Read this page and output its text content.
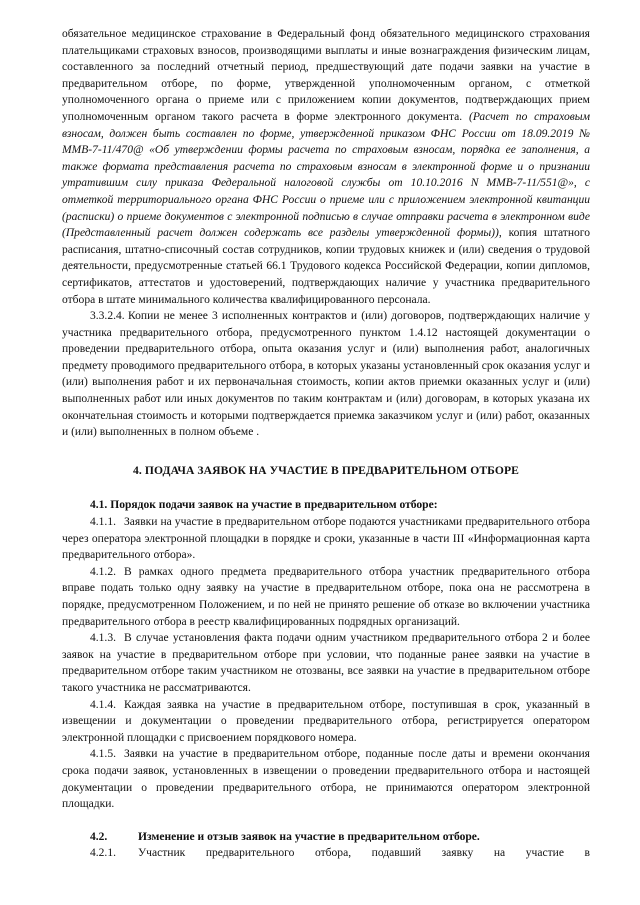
обязательное медицинское страхование в Федеральный фонд обязательного медицинского страхования плательщиками страховых взносов, производящими выплаты и иные вознаграждения физическим лицам, составленного за последний отчетный период, предшествующий дате подачи заявки на участие в предварительном отборе, по форме, утвержденной уполномоченным органом, с отметкой уполномоченного органа о приеме или с приложением копии документов, подтверждающих прием уполномоченным органом такого расчета в форме электронного документа. (Расчет по страховым взносам, должен быть составлен по форме, утвержденной приказом ФНС России от 18.09.2019 № ММВ-7-11/470@ «Об утверждении формы расчета по страховым взносам, порядка ее заполнения, а также формата представления расчета по страховым взносам в электронной форме и о признании утратившим силу приказа Федеральной налоговой службы от 10.10.2016 N ММВ-7-11/551@», с отметкой территориального органа ФНС России о приеме или с приложением электронной квитанции (расписки) о приеме документов с электронной подписью в случае отправки расчета в электронном виде (Представленный расчет должен содержать все разделы утвержденной формы)), копия штатного расписания, штатно-списочный состав сотрудников, копии трудовых книжек и (или) сведения о трудовой деятельности, предусмотренные статьей 66.1 Трудового кодекса Российской Федерации, копии дипломов, сертификатов, аттестатов и удостоверений, подтверждающих наличие у участника предварительного отбора в штате минимального количества квалифицированного персонала.

3.3.2.4. Копии не менее 3 исполненных контрактов и (или) договоров, подтверждающих наличие у участника предварительного отбора, предусмотренного пунктом 1.4.12 настоящей документации о проведении предварительного отбора, опыта оказания услуг и (или) выполнения работ, аналогичных предмету проводимого предварительного отбора, в которых указаны установленный срок оказания услуг и (или) выполнения работ и их первоначальная стоимость, копии актов приемки оказанных услуг и (или) выполненных работ или иных документов по таким контрактам и (или) договорам, в которых указана их окончательная стоимость и которыми подтверждается приемка заказчиком услуг и (или) работ, оказанных и (или) выполненных в полном объеме .

4. ПОДАЧА ЗАЯВОК НА УЧАСТИЕ В ПРЕДВАРИТЕЛЬНОМ ОТБОРЕ

4.1. Порядок подачи заявок на участие в предварительном отборе:

4.1.1. Заявки на участие в предварительном отборе подаются участниками предварительного отбора через оператора электронной площадки в порядке и сроки, указанные в части III «Информационная карта предварительного отбора».

4.1.2. В рамках одного предмета предварительного отбора участник предварительного отбора вправе подать только одну заявку на участие в предварительном отборе, пока она не рассмотрена в порядке, предусмотренном Положением, и по ней не принято решение об отказе во включении участника предварительного отбора в реестр квалифицированных подрядных организаций.

4.1.3. В случае установления факта подачи одним участником предварительного отбора 2 и более заявок на участие в предварительном отборе при условии, что поданные ранее заявки на участие в предварительном отборе таким участником не отозваны, все заявки на участие в предварительном отборе такого участника не рассматриваются.

4.1.4. Каждая заявка на участие в предварительном отборе, поступившая в срок, указанный в извещении и документации о проведении предварительного отбора, регистрируется оператором электронной площадки с присвоением порядкового номера.

4.1.5. Заявки на участие в предварительном отборе, поданные после даты и времени окончания срока подачи заявок, установленных в извещении о проведении предварительного отбора и настоящей документации о проведении предварительного отбора, не принимаются оператором электронной площадки.

4.2.	Изменение и отзыв заявок на участие в предварительном отборе.
4.2.1.	Участник предварительного отбора, подавший заявку на участие в
